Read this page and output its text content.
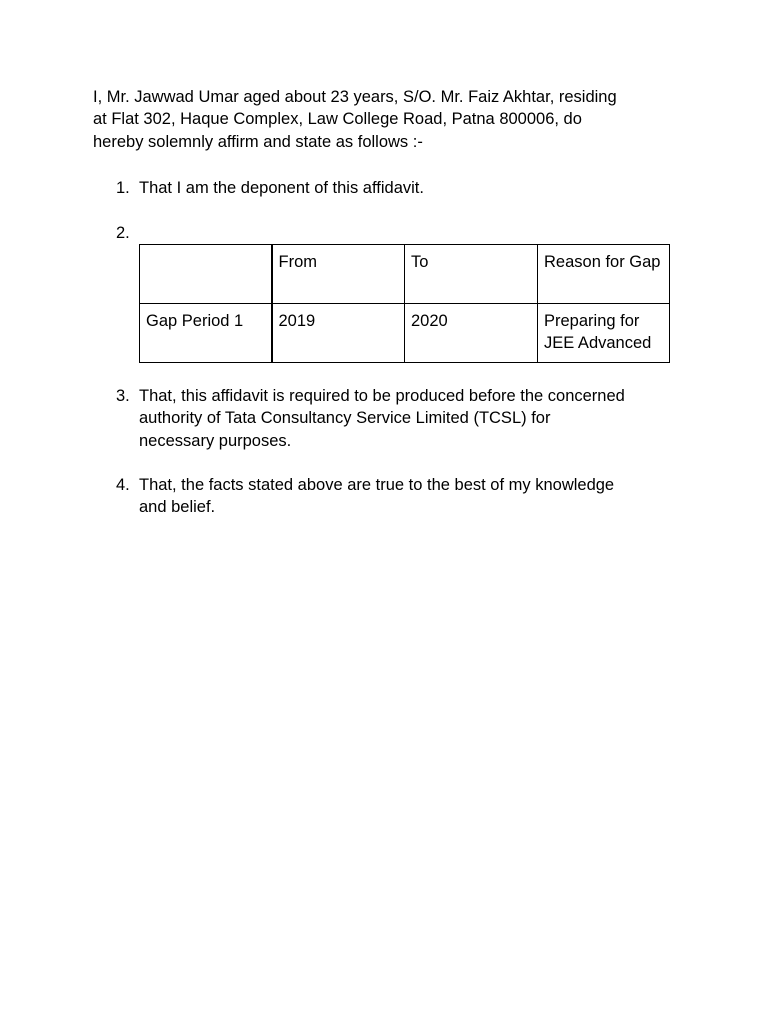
I, Mr. Jawwad Umar aged about 23 years, S/O. Mr. Faiz Akhtar, residing
at Flat 302, Haque Complex, Law College Road, Patna 800006, do
hereby solemnly affirm and state as follows :-

1. That I am the deponent of this affidavit.
2.
	From	To	Reason for Gap
Gap Period 1	2019	2020	Preparing for JEE Advanced
3. That, this affidavit is required to be produced before the concerned
authority of Tata Consultancy Service Limited (TCSL) for
necessary purposes.
4. That, the facts stated above are true to the best of my knowledge
and belief.
